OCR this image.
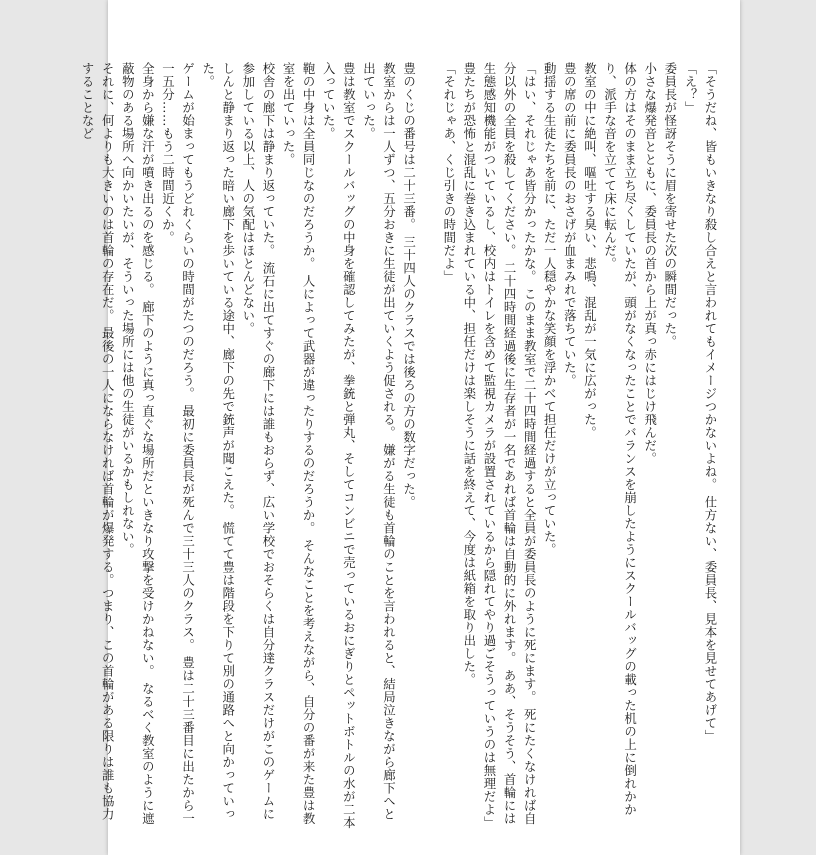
「そうだね、皆もいきなり殺し合えと言われてもイメージつかないよね。 仕方ない、委員長、見本を見せてあげて」

「え？」

委員長が怪訝そうに眉を寄せた次の瞬間だった。

小さな爆発音とともに、委員長の首から上が真っ赤にはじけ飛んだ。

体の方はそのまま立ち尽くしていたが、頭がなくなったことでバランスを崩したようにスクールバッグの載った机の上に倒れかかり、派手な音を立てて床に転んだ。

教室の中に絶叫、嘔吐する臭い、悲鳴、混乱が一気に広がった。

豊の席の前に委員長のおさげが血まみれで落ちていた。

動揺する生徒たちを前に、ただ一人穏やかな笑顔を浮かべて担任だけが立っていた。

「はい、それじゃあ皆分かったかな。 このまま教室で二十四時間経過すると全員が委員長のように死にます。 死にたくなければ自分以外の全員を殺してください。 二十四時間経過後に生存者が一名であれば首輪は自動的に外れます。 ああ、そうそう、首輪には生態感知機能がついているし、校内はトイレを含めて監視カメラが設置されているから隠れてやり過ごそうっていうのは無理だよ」

豊たちが恐怖と混乱に巻き込まれている中、担任だけは楽しそうに話を終えて、今度は紙箱を取り出した。

「それじゃあ、くじ引きの時間だよ」

豊のくじの番号は二十三番。 三十四人のクラスでは後ろの方の数字だった。

教室からは一人ずつ、五分おきに生徒が出ていくよう促される。 嫌がる生徒も首輪のことを言われると、結局泣きながら廊下へと出ていった。

豊は教室でスクールバッグの中身を確認してみたが、拳銃と弾丸、そしてコンビニで売っているおにぎりとペットボトルの水が二本入っていた。

鞄の中身は全員同じなのだろうか。 人によって武器が違ったりするのだろうか。 そんなことを考えながら、自分の番が来た豊は教室を出ていった。

校舎の廊下は静まり返っていた。 流石に出てすぐの廊下には誰もおらず、広い学校でおそらくは自分達クラスだけがこのゲームに参加している以上、人の気配はほとんどない。

しんと静まり返った暗い廊下を歩いている途中、廊下の先で銃声が聞こえた。 慌てて豊は階段を下りて別の通路へと向かっていった。

ゲームが始まってもうどれくらいの時間がたつのだろう。 最初に委員長が死んで三十三人のクラス。 豊は二十三番目に出たから一一五分……もう二時間近くか。

全身から嫌な汗が噴き出るのを感じる。 廊下のように真っ直ぐな場所だといきなり攻撃を受けかねない。 なるべく教室のように遮蔽物のある場所へ向かいたいが、そういった場所には他の生徒がいるかもしれない。

それに、何よりも大きいのは首輪の存在だ。 最後の一人にならなければ首輪が爆発する。つまり、この首輪がある限りは誰も協力することなど
